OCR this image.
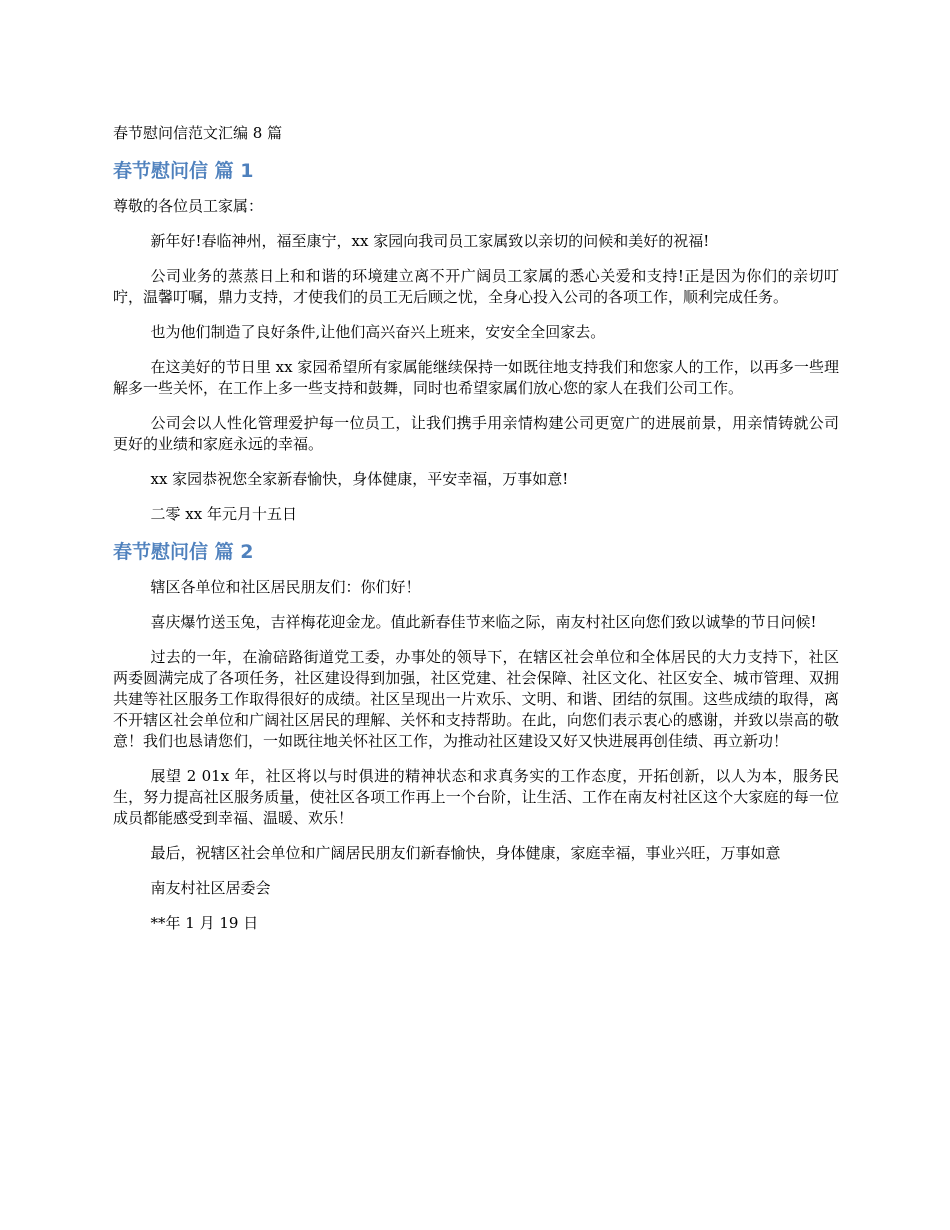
春节慰问信范文汇编 8 篇
春节慰问信 篇 1

尊敬的各位员工家属：

新年好!春临神州，福至康宁，xx 家园向我司员工家属致以亲切的问候和美好的祝福!

公司业务的蒸蒸日上和和谐的环境建立离不开广阔员工家属的悉心关爱和支持!正是因为你们的亲切叮咛，温馨叮嘱，鼎力支持，才使我们的员工无后顾之忧，全身心投入公司的各项工作，顺利完成任务。

也为他们制造了良好条件,让他们高兴奋兴上班来，安安全全回家去。

在这美好的节日里 xx 家园希望所有家属能继续保持一如既往地支持我们和您家人的工作，以再多一些理解多一些关怀，在工作上多一些支持和鼓舞，同时也希望家属们放心您的家人在我们公司工作。

公司会以人性化管理爱护每一位员工，让我们携手用亲情构建公司更宽广的进展前景，用亲情铸就公司更好的业绩和家庭永远的幸福。

xx 家园恭祝您全家新春愉快，身体健康，平安幸福，万事如意!

二零 xx 年元月十五日

春节慰问信 篇 2

辖区各单位和社区居民朋友们：你们好！

喜庆爆竹送玉兔，吉祥梅花迎金龙。值此新春佳节来临之际，南友村社区向您们致以诚挚的节日问候!

过去的一年，在渝碚路街道党工委，办事处的领导下，在辖区社会单位和全体居民的大力支持下，社区两委圆满完成了各项任务，社区建设得到加强，社区党建、社会保障、社区文化、社区安全、城市管理、双拥共建等社区服务工作取得很好的成绩。社区呈现出一片欢乐、文明、和谐、团结的氛围。这些成绩的取得，离不开辖区社会单位和广阔社区居民的理解、关怀和支持帮助。在此，向您们表示衷心的感谢，并致以崇高的敬意！我们也恳请您们，一如既往地关怀社区工作，为推动社区建设又好又快进展再创佳绩、再立新功！

展望 2 01x 年，社区将以与时俱进的精神状态和求真务实的工作态度，开拓创新，以人为本，服务民生，努力提高社区服务质量，使社区各项工作再上一个台阶，让生活、工作在南友村社区这个大家庭的每一位成员都能感受到幸福、温暖、欢乐！

最后，祝辖区社会单位和广阔居民朋友们新春愉快，身体健康，家庭幸福，事业兴旺，万事如意

南友村社区居委会

**年 1 月 19 日
